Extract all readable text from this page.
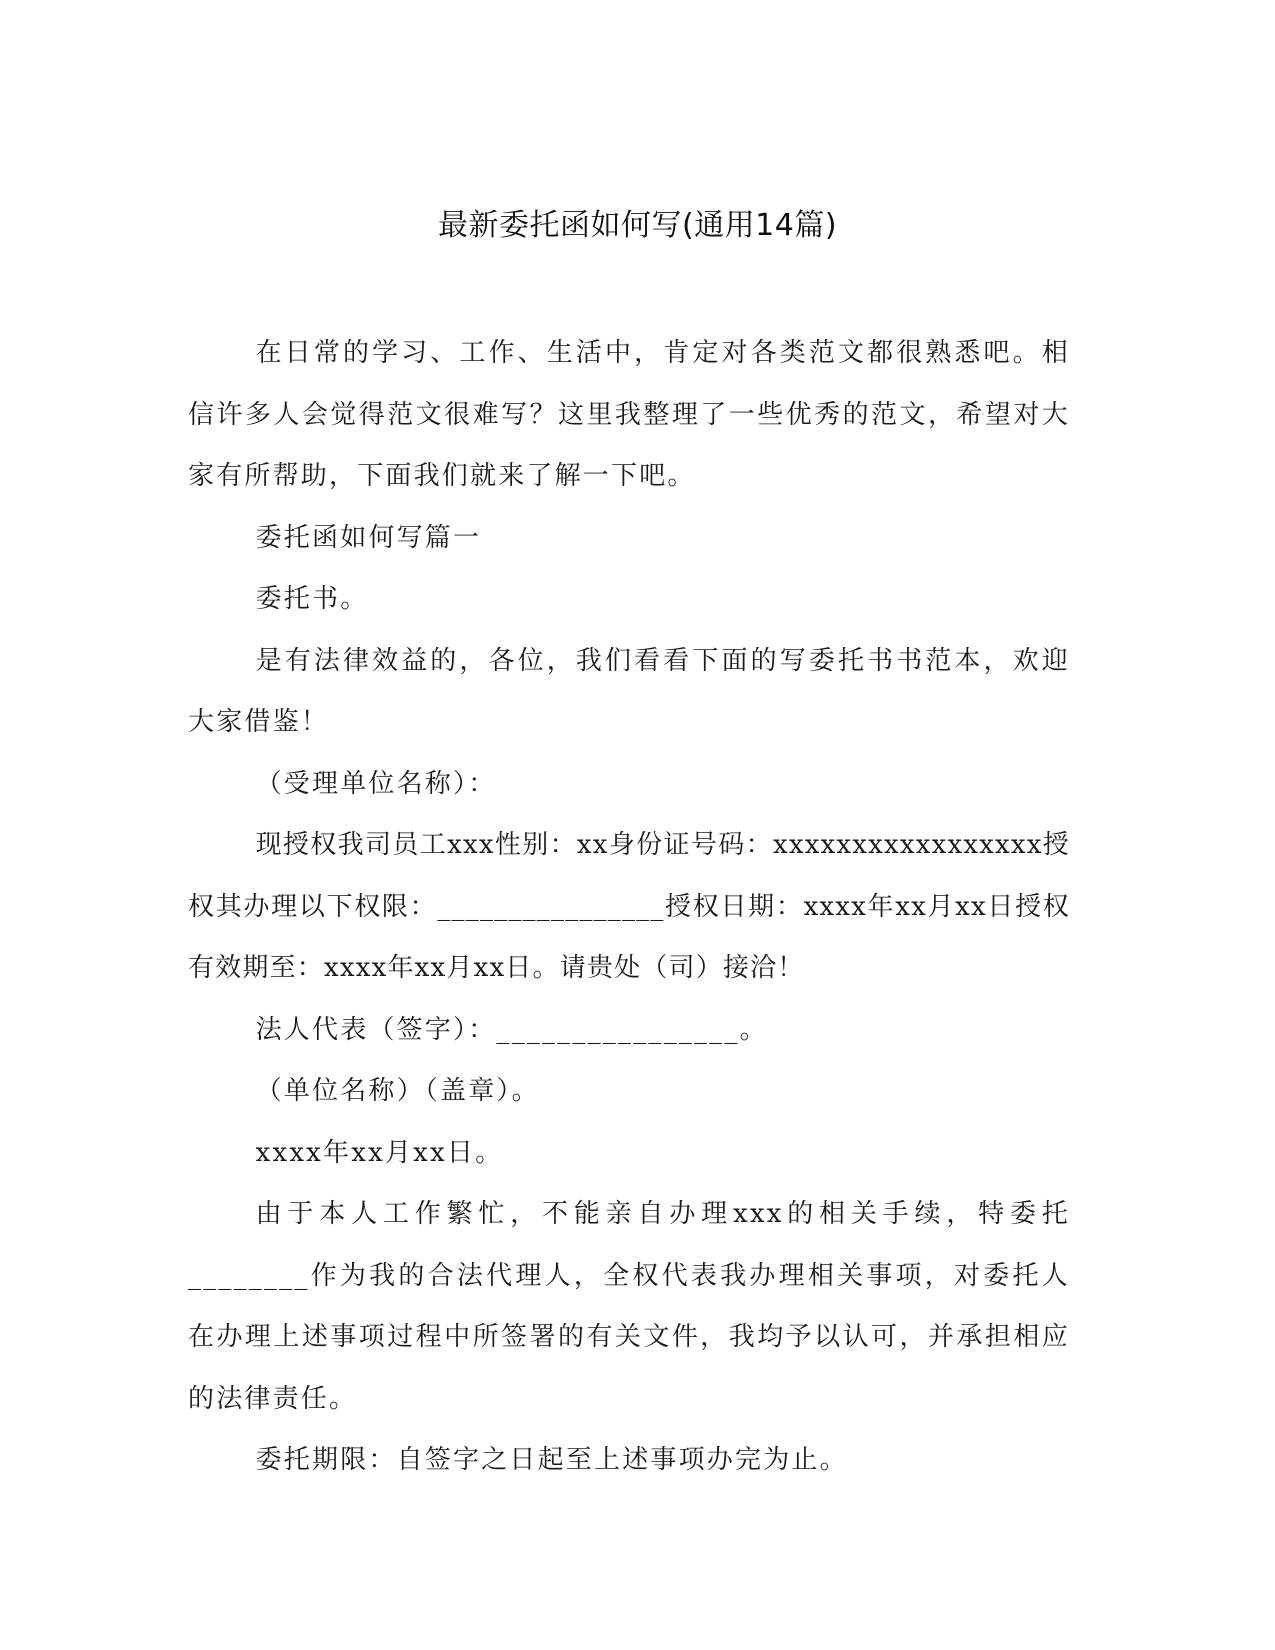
最新委托函如何写(通用14篇)

在日常的学习、工作、生活中，肯定对各类范文都很熟悉吧。相信许多人会觉得范文很难写？这里我整理了一些优秀的范文，希望对大家有所帮助，下面我们就来了解一下吧。

委托函如何写篇一

委托书。

是有法律效益的，各位，我们看看下面的写委托书书范本，欢迎大家借鉴！

（受理单位名称）：

现授权我司员工xxx性别：xx身份证号码：xxxxxxxxxxxxxxxxx授权其办理以下权限：________________授权日期：xxxx年xx月xx日授权有效期至：xxxx年xx月xx日。请贵处（司）接洽！

法人代表（签字）：________________。

（单位名称）（盖章）。

xxxx年xx月xx日。

由于本人工作繁忙，不能亲自办理xxx的相关手续，特委托________作为我的合法代理人，全权代表我办理相关事项，对委托人在办理上述事项过程中所签署的有关文件，我均予以认可，并承担相应的法律责任。

委托期限：自签字之日起至上述事项办完为止。
